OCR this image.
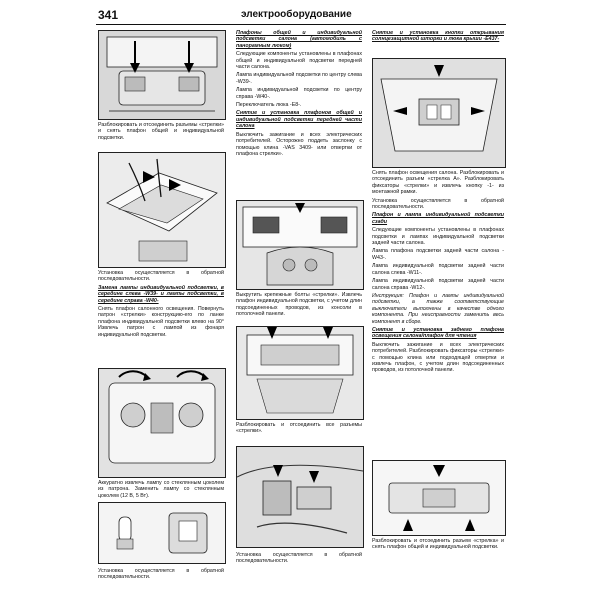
341	электрооборудование

Разблокировать и отсоединить разъемы «стрелки» и снять плафон общей и индивидуальной подсветки.

Установка осуществляется в обратной последовательности.

Замена лампы индивидуальной подсветки, в середине слева -W39- и лампы подсветки, в середине справа -W40-

Снять плафон салонного освещения. Повернуть патрон «стрелки» конструкцию-его по ланке плафона индивидуальной подсветки влево на 90° Извлечь патрон с лампой из фонаря индивидуальной подсветки.

Аккуратно извлечь лампу со стеклянным цоколем из патрона. Заменить лампу со стеклянным цоколем (12 В, 5 Вт).

Установка осуществляется в обратной последовательности.

Плафоны общей и индивидуальной подсветки салона (автомобиль с панорамным люком)

Следующие компоненты установлены в плафонах общей и индивидуальной подсветки передней части салона.

Лампа индивидуальной подсветки по центру слева -W39-.

Лампа индивидуальной подсветки по центру справа -W40-.

Переключатель люка -E8-.

Снятие и установка плафонов общей и индивидуальной подсветки передней части салона

Выключить зажигание и всех электрических потребителей. Осторожно поддеть заслонку с помощью клина -VAS 3409- или отвертки от плафона стрелки».

Выкрутить крепежные болты «стрелки». Извлечь плафон индивидуальной подсветки, с учетом длин подсоединенных проводов, из консоли в потолочной панели.

Разблокировать и отсоединить все разъемы «стрелки».

Установка осуществляется в обратной последовательности.

Снятие и установка кнопки открывания солнцезащитной шторки и люка крыши -E437-

Снять плафон освещения салона. Разблокировать и отсоединить разъем «стрелка А». Разблокировать фиксаторы «стрелки» и извлечь кнопку -1- из монтажной рамки.

Установка осуществляется в обратной последовательности.

Плафон и лампа индивидуальной подсветки сзади

Следующие компоненты установлены в плафонах подсветки и лампах индивидуальной подсветки задней части салона.

Лампа плафона подсветки задней части салона -W43-.

Лампа индивидуальной подсветки задней части салона слева -W11-.

Лампа индивидуальной подсветки задней части салона справа -W12-.

Инструкция: Плафон и лампы индивидуальной подсветки, а также соответствующие выключатели выполнены в качестве одного компонента. При неисправности заменить весь компонент в сборе.

Снятие и установка заднего плафона освещения салона/плафон для чтения

Выключить зажигание и всех электрических потребителей. Разблокировать фиксаторы «стрелки» с помощью клина или подходящей отвертки и извлечь плафон, с учетом длин подсоединенных проводов, из потолочной панели.

Разблокировать и отсоединить разъем «стрелка» и снять плафон общей и индивидуальной подсветки.
